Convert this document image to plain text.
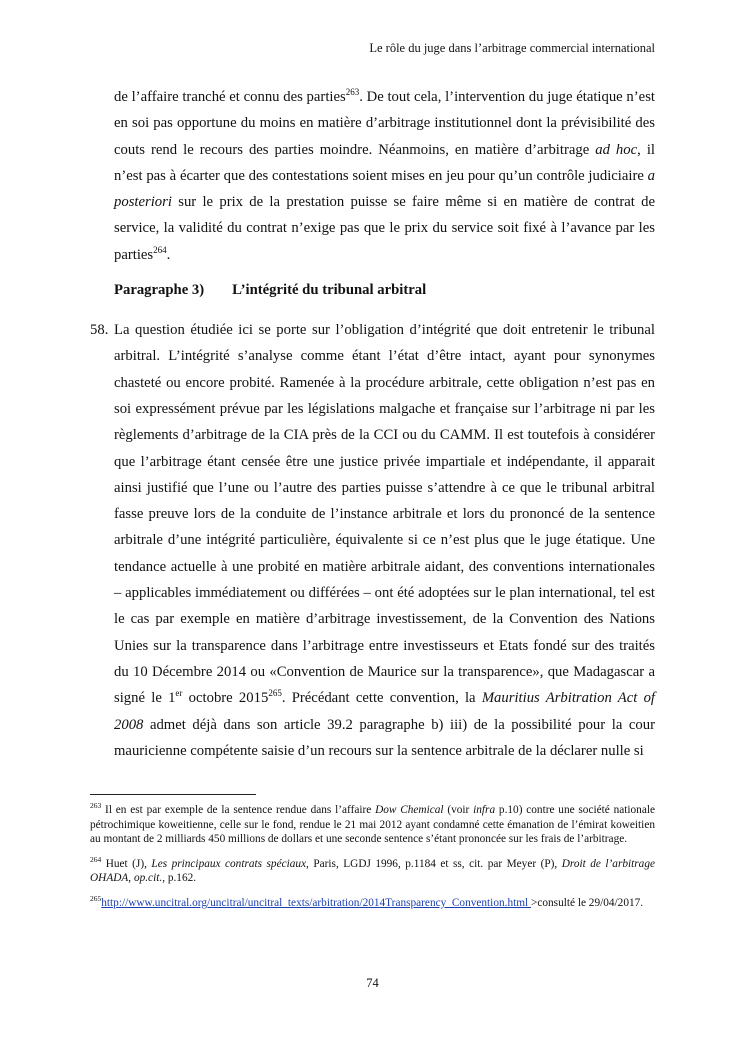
Le rôle du juge dans l’arbitrage commercial international

de l’affaire tranché et connu des parties$^{263}$. De tout cela, l’intervention du juge étatique n’est en soi pas opportune du moins en matière d’arbitrage institutionnel dont la prévisibilité des couts rend le recours des parties moindre. Néanmoins, en matière d’arbitrage ad hoc, il n’est pas à écarter que des contestations soient mises en jeu pour qu’un contrôle judiciaire a posteriori sur le prix de la prestation puisse se faire même si en matière de contrat de service, la validité du contrat n’exige pas que le prix du service soit fixé à l’avance par les parties$^{264}$.

Paragraphe 3) L’intégrité du tribunal arbitral

58. La question étudiée ici se porte sur l’obligation d’intégrité que doit entretenir le tribunal arbitral. L’intégrité s’analyse comme étant l’état d’être intact, ayant pour synonymes chasteté ou encore probité. Ramenée à la procédure arbitrale, cette obligation n’est pas en soi expressément prévue par les législations malgache et française sur l’arbitrage ni par les règlements d’arbitrage de la CIA près de la CCI ou du CAMM. Il est toutefois à considérer que l’arbitrage étant censée être une justice privée impartiale et indépendante, il apparait ainsi justifié que l’une ou l’autre des parties puisse s’attendre à ce que le tribunal arbitral fasse preuve lors de la conduite de l’instance arbitrale et lors du prononcé de la sentence arbitrale d’une intégrité particulière, équivalente si ce n’est plus que le juge étatique. Une tendance actuelle à une probité en matière arbitrale aidant, des conventions internationales – applicables immédiatement ou différées – ont été adoptées sur le plan international, tel est le cas par exemple en matière d’arbitrage investissement, de la Convention des Nations Unies sur la transparence dans l’arbitrage entre investisseurs et Etats fondé sur des traités du 10 Décembre 2014 ou «Convention de Maurice sur la transparence», que Madagascar a signé le 1er octobre 2015$^{265}$. Précédant cette convention, la Mauritius Arbitration Act of 2008 admet déjà dans son article 39.2 paragraphe b) iii) de la possibilité pour la cour mauricienne compétente saisie d’un recours sur la sentence arbitrale de la déclarer nulle si

$^{263}$ Il en est par exemple de la sentence rendue dans l’affaire Dow Chemical (voir infra p.10) contre une société nationale pétrochimique koweitienne, celle sur le fond, rendue le 21 mai 2012 ayant condamné cette émanation de l’émirat koweitien au montant de 2 milliards 450 millions de dollars et une seconde sentence s’étant prononcée sur les frais de l’arbitrage.

$^{264}$ Huet (J), Les principaux contrats spéciaux, Paris, LGDJ 1996, p.1184 et ss, cit. par Meyer (P), Droit de l’arbitrage OHADA, op.cit., p.162.

$^{265}$http://www.uncitral.org/uncitral/uncitral_texts/arbitration/2014Transparency_Convention.html >consulté le 29/04/2017.

74
